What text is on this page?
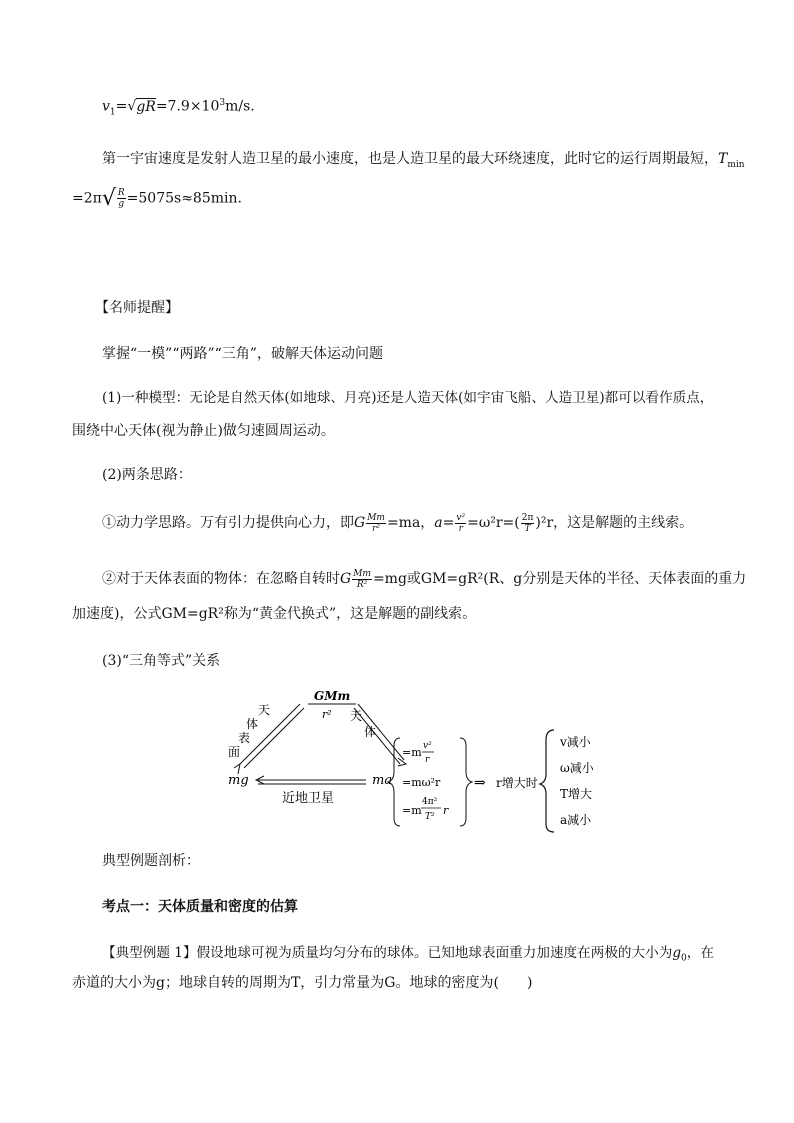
$v_1=√gR=7.9\times 10^3m/s$.
第一宇宙速度是发射人造卫星的最小速度，也是人造卫星的最大环绕速度，此时它的运行周期最短，$T_{min}$
$=2\pi√ \frac{R}{g} =5075s\approx 85\min$.
【名师提醒】
掌握“一模”“两路”“三角”，破解天体运动问题
(1)一种模型：无论是自然天体(如地球、月亮)还是人造天体(如宇宙飞船、人造卫星)都可以看作质点，
围绕中心天体(视为静止)做匀速圆周运动。
(2)两条思路：
①动力学思路。万有引力提供向心力，即G $\frac{Mm}{\text{r²}} =ma$，$a= \frac{\text{v²}}{r} =\omega^2r=( \frac{2\pi}{T} )^2r$，这是解题的主线索。
②对于天体表面的物体：在忽略自转时G $\frac{Mm}{\text{R²}} =mg$或GM=gR²(R、g分别是天体的半径、天体表面的重力
加速度)，公式GM=gR²称为“黄金代换式”，这是解题的副线索。
(3)“三角等式”关系
GMm
r²
天
体
表
面
天
体
mg	ma
近地卫星
=m v²
r
=mω²r
=m
4π²
T² r
⇒ r增大时
v减小
ω减小
T增大
a减小
典型例题剖析：
考点一：天体质量和密度的估算
【典型例题 1】假设地球可视为质量均匀分布的球体。已知地球表面重力加速度在两极的大小为$g_0$，在
赤道的大小为g；地球自转的周期为T，引力常量为G。地球的密度为(　　)
